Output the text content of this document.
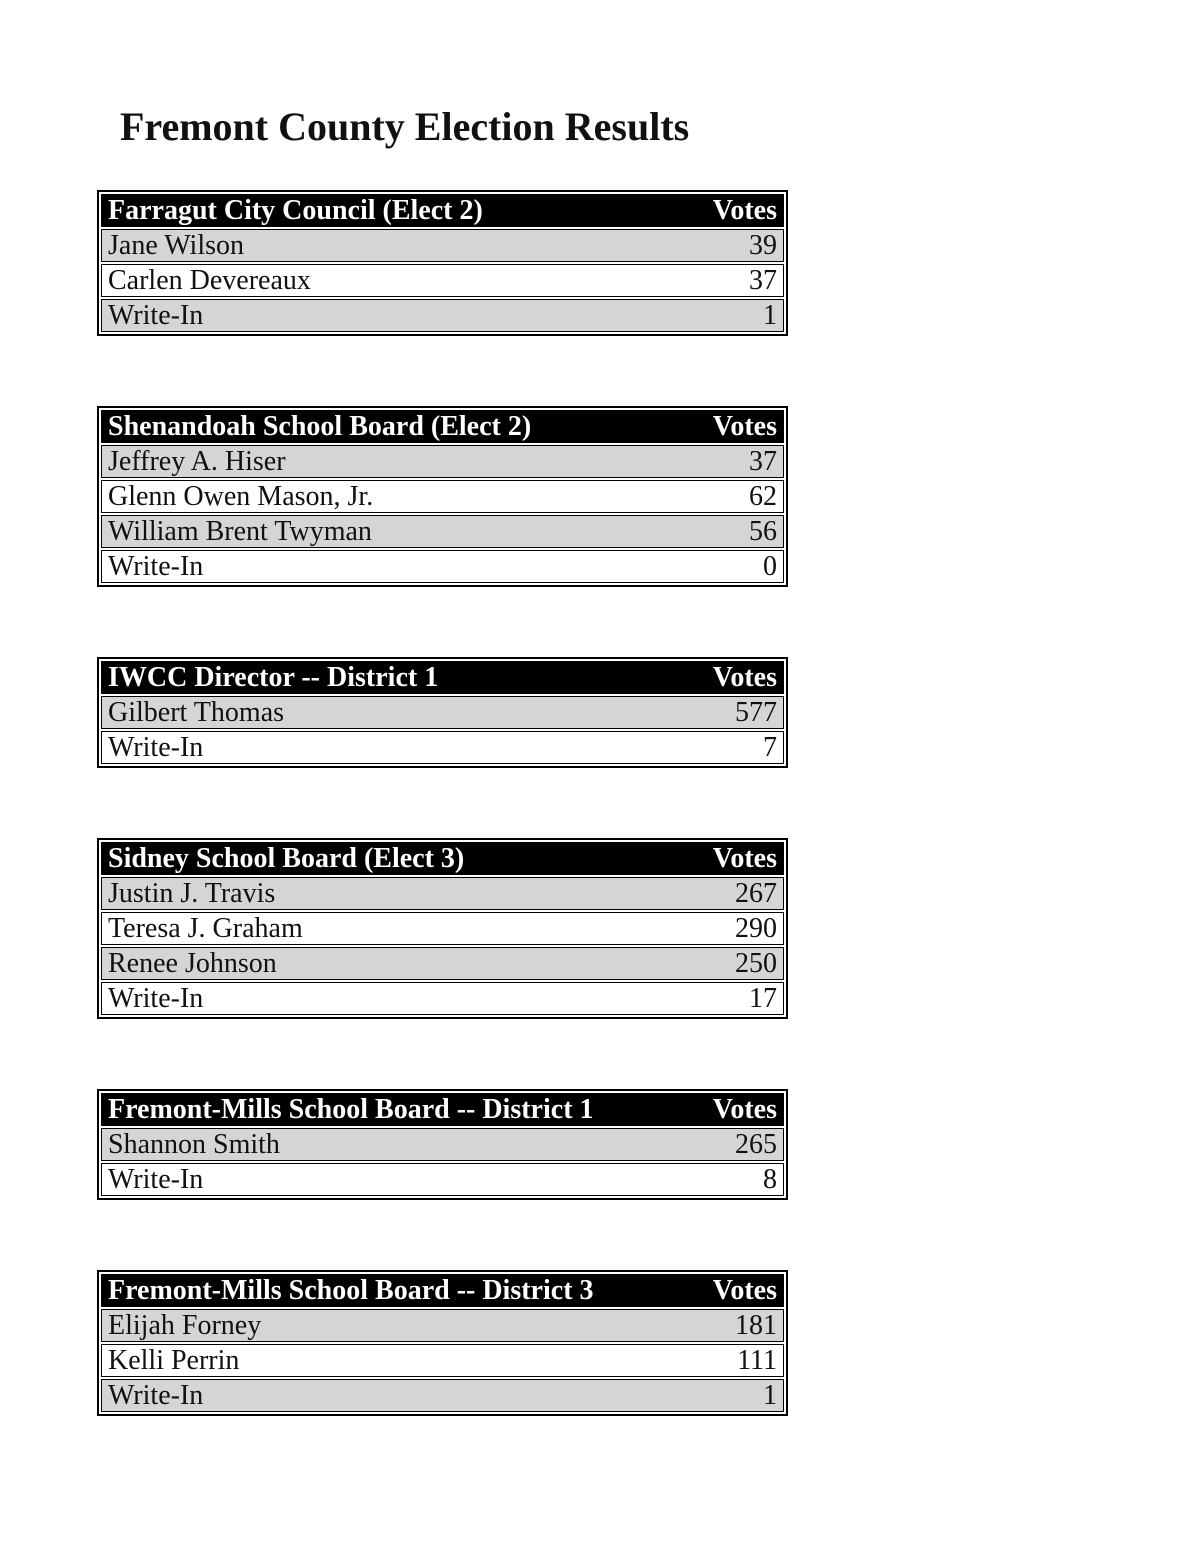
Fremont County Election Results
Farragut City Council (Elect 2)	Votes
Jane Wilson	39
Carlen Devereaux	37
Write-In	1
Shenandoah School Board (Elect 2)	Votes
Jeffrey A. Hiser	37
Glenn Owen Mason, Jr.	62
William Brent Twyman	56
Write-In	0
IWCC Director -- District 1	Votes
Gilbert Thomas	577
Write-In	7
Sidney School Board (Elect 3)	Votes
Justin J. Travis	267
Teresa J. Graham	290
Renee Johnson	250
Write-In	17
Fremont-Mills School Board -- District 1	Votes
Shannon Smith	265
Write-In	8
Fremont-Mills School Board -- District 3	Votes
Elijah Forney	181
Kelli Perrin	111
Write-In	1
